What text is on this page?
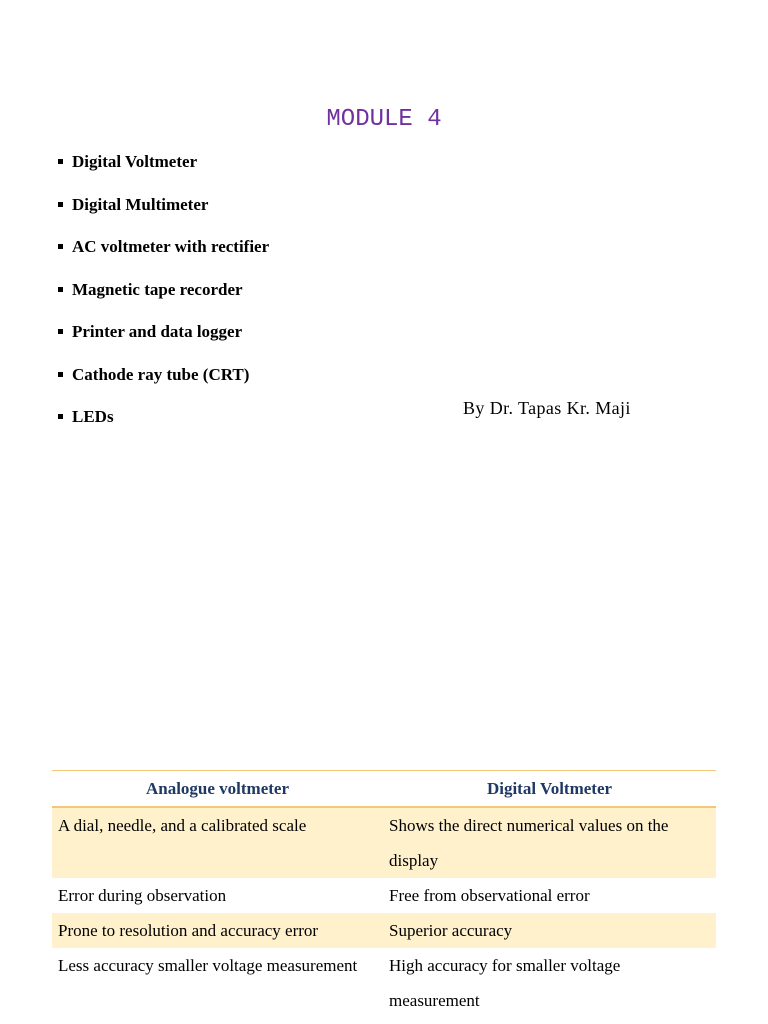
MODULE 4
Digital Voltmeter
Digital Multimeter
AC voltmeter with rectifier
Magnetic tape recorder
Printer and data logger
Cathode ray tube (CRT)
LEDs	By Dr. Tapas Kr. Maji
Analogue voltmeter	Digital Voltmeter
A dial, needle, and a calibrated scale	Shows the direct numerical values on the display
Error during observation	Free from observational error
Prone to resolution and accuracy error	Superior accuracy
Less accuracy smaller voltage measurement	High accuracy for smaller voltage measurement
